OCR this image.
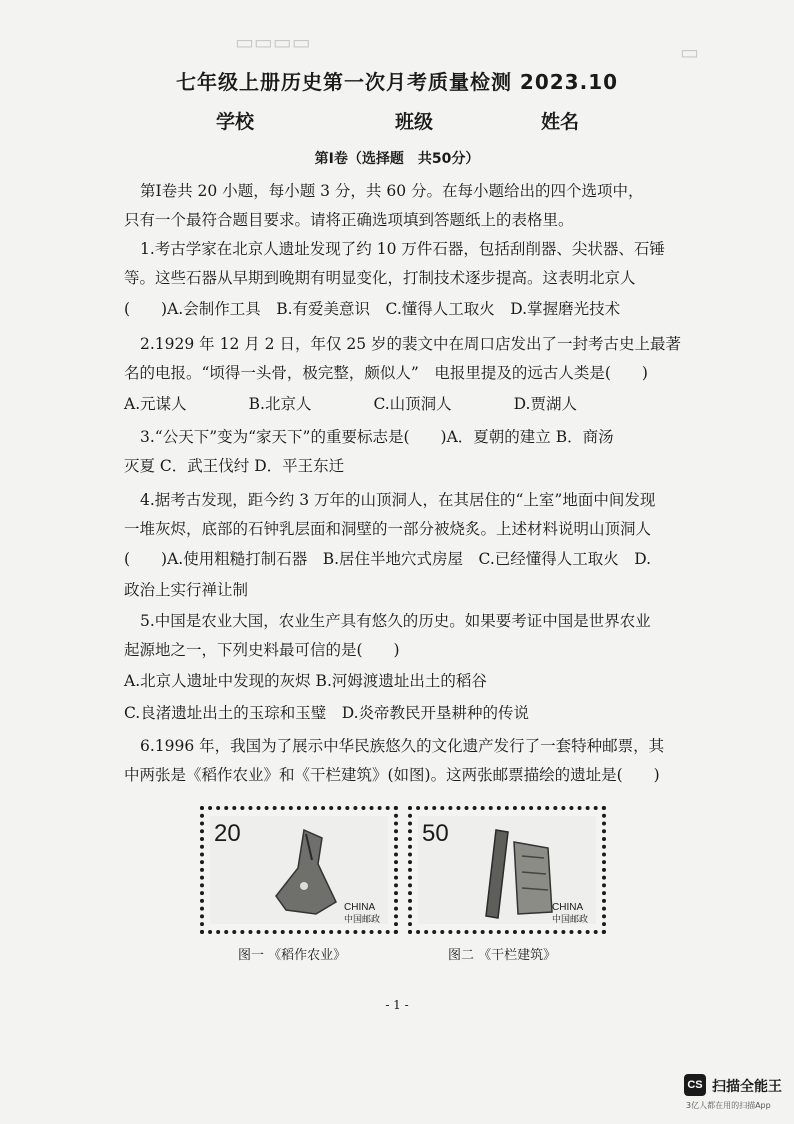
▭▭▭▭	▭
七年级上册历史第一次月考质量检测 2023.10
学校	班级	姓名
第Ⅰ卷（选择题　共50分）
第Ⅰ卷共 20 小题，每小题 3 分，共 60 分。在每小题给出的四个选项中，
只有一个最符合题目要求。请将正确选项填到答题纸上的表格里。
1.考古学家在北京人遗址发现了约 10 万件石器，包括刮削器、尖状器、石锤
等。这些石器从早期到晚期有明显变化，打制技术逐步提高。这表明北京人
(　　)A.会制作工具　B.有爱美意识　C.懂得人工取火　D.掌握磨光技术
2.1929 年 12 月 2 日，年仅 25 岁的裴文中在周口店发出了一封考古史上最著
名的电报。“顷得一头骨，极完整，颇似人”　电报里提及的远古人类是(　　)
A.元谋人　　　　B.北京人　　　　C.山顶洞人　　　　D.贾湖人
3.“公天下”变为“家天下”的重要标志是(　　)A．夏朝的建立 B．商汤
灭夏 C．武王伐纣 D．平王东迁
4.据考古发现，距今约 3 万年的山顶洞人，在其居住的“上室”地面中间发现
一堆灰烬，底部的石钟乳层面和洞壁的一部分被烧炙。上述材料说明山顶洞人
(　　)A.使用粗糙打制石器　B.居住半地穴式房屋　C.已经懂得人工取火　D.
政治上实行禅让制
5.中国是农业大国，农业生产具有悠久的历史。如果要考证中国是世界农业
起源地之一，下列史料最可信的是(　　)
A.北京人遗址中发现的灰烬 B.河姆渡遗址出土的稻谷
C.良渚遗址出土的玉琮和玉璧　D.炎帝教民开垦耕种的传说
6.1996 年，我国为了展示中华民族悠久的文化遗产发行了一套特种邮票，其
中两张是《稻作农业》和《干栏建筑》(如图)。这两张邮票描绘的遗址是(　　)
20
CHINA
中国邮政
50
CHINA
中国邮政
图一 《稻作农业》	图二 《干栏建筑》
- 1 -
CS 扫描全能王
3亿人都在用的扫描App
